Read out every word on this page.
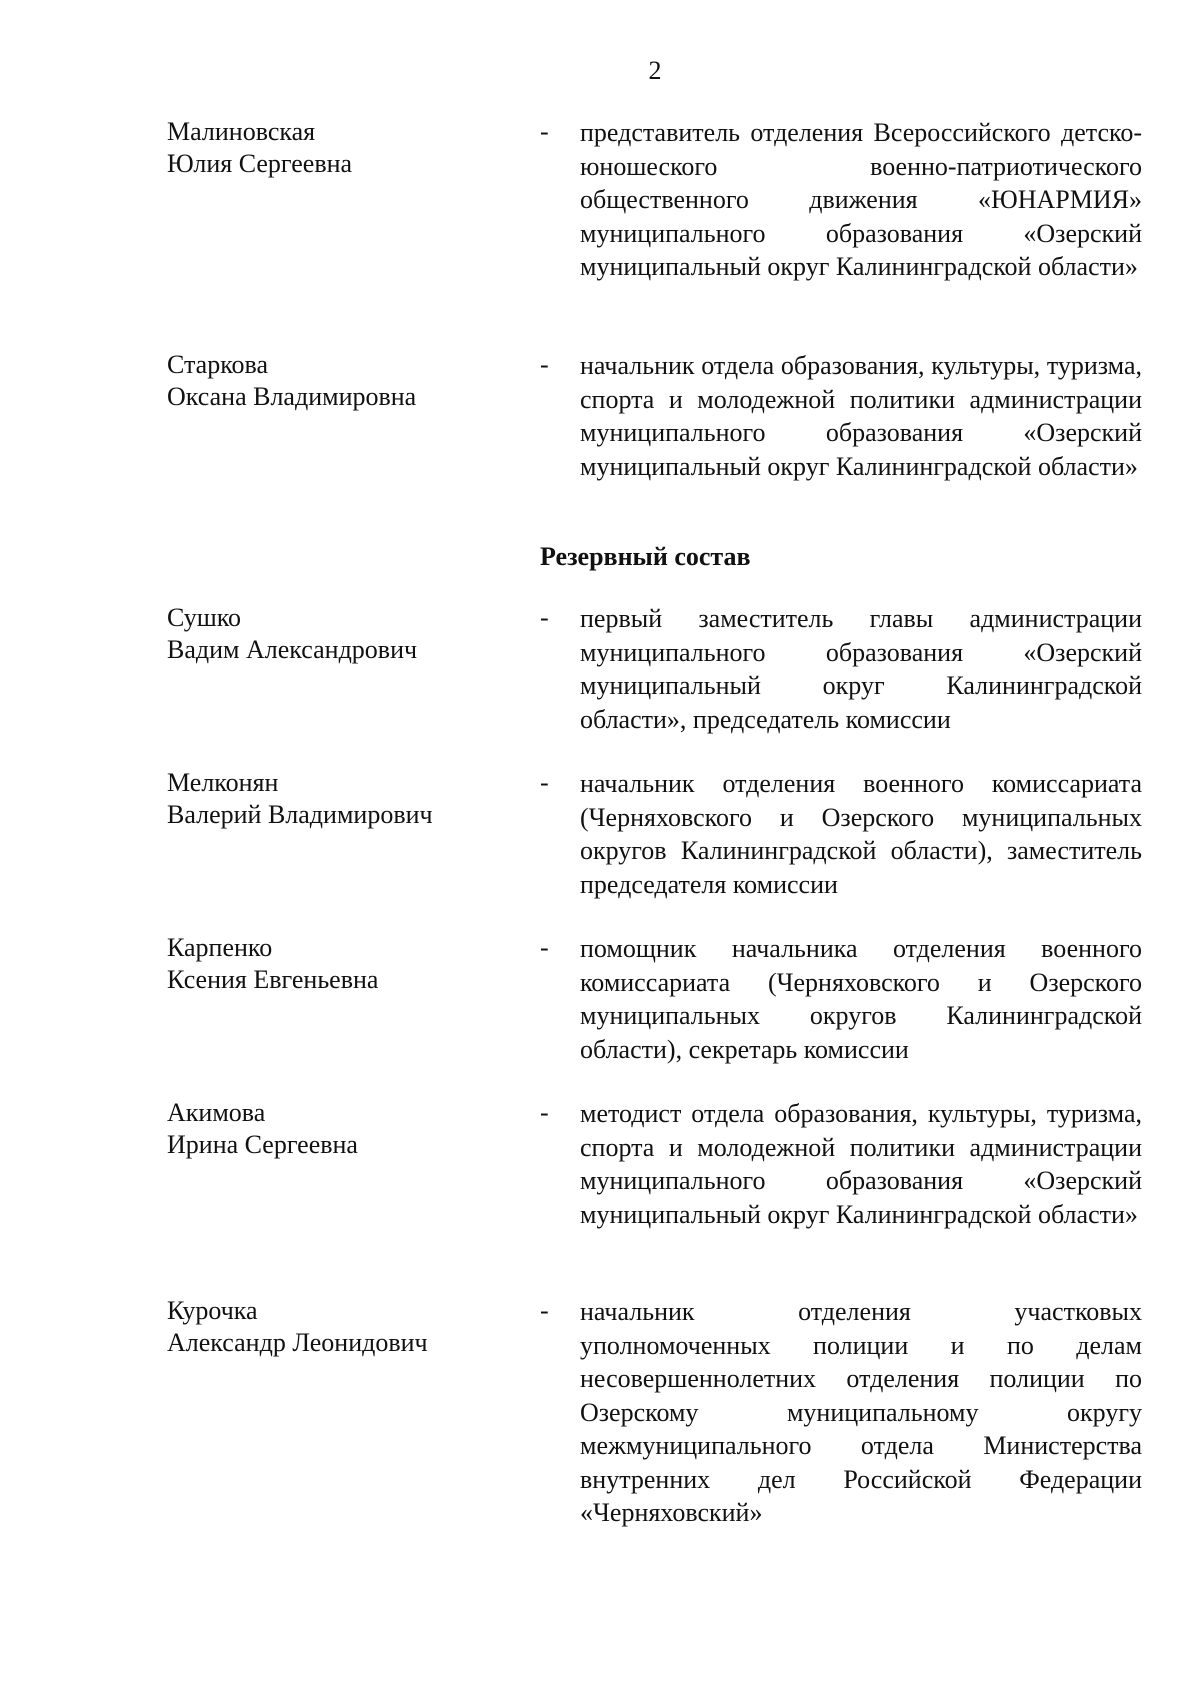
2
Малиновская
Юлия Сергеевна
- представитель отделения Всероссийского детско-юношеского военно-патриотического общественного движения «ЮНАРМИЯ» муниципального образования «Озерский муниципальный округ Калининградской области»
Старкова
Оксана Владимировна
- начальник отдела образования, культуры, туризма, спорта и молодежной политики администрации муниципального образования «Озерский муниципальный округ Калининградской области»
Резервный состав
Сушко
Вадим Александрович
- первый заместитель главы администрации муниципального образования «Озерский муниципальный округ Калининградской области», председатель комиссии
Мелконян
Валерий Владимирович
- начальник отделения военного комиссариата (Черняховского и Озерского муниципальных округов Калининградской области), заместитель председателя комиссии
Карпенко
Ксения Евгеньевна
- помощник начальника отделения военного комиссариата (Черняховского и Озерского муниципальных округов Калининградской области), секретарь комиссии
Акимова
Ирина Сергеевна
- методист отдела образования, культуры, туризма, спорта и молодежной политики администрации муниципального образования «Озерский муниципальный округ Калининградской области»
Курочка
Александр Леонидович
- начальник отделения участковых уполномоченных полиции и по делам несовершеннолетних отделения полиции по Озерскому муниципальному округу межмуниципального отдела Министерства внутренних дел Российской Федерации «Черняховский»
